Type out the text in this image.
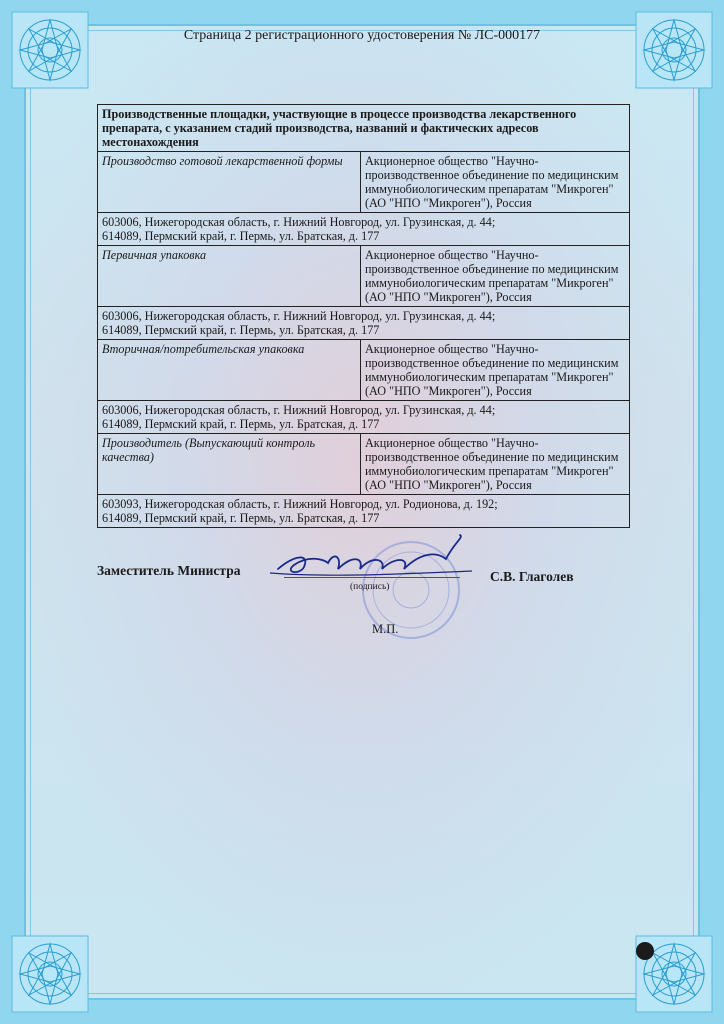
Страница 2 регистрационного удостоверения № ЛС-000177
Производственные площадки, участвующие в процессе производства лекарственного препарата, с указанием стадий производства, названий и фактических адресов местонахождения	
Производство готовой лекарственной формы	Акционерное общество "Научно-производственное объединение по медицинским иммунобиологическим препаратам "Микроген" (АО "НПО "Микроген"), Россия

603006, Нижегородская область, г. Нижний Новгород, ул. Грузинская, д. 44;
614089, Пермский край, г. Пермь, ул. Братская, д. 177	

Первичная упаковка	Акционерное общество "Научно-производственное объединение по медицинским иммунобиологическим препаратам "Микроген" (АО "НПО "Микроген"), Россия

603006, Нижегородская область, г. Нижний Новгород, ул. Грузинская, д. 44;
614089, Пермский край, г. Пермь, ул. Братская, д. 177	

Вторичная/потребительская упаковка	Акционерное общество "Научно-производственное объединение по медицинским иммунобиологическим препаратам "Микроген" (АО "НПО "Микроген"), Россия

603006, Нижегородская область, г. Нижний Новгород, ул. Грузинская, д. 44;
614089, Пермский край, г. Пермь, ул. Братская, д. 177	

Производитель (Выпускающий контроль качества)	Акционерное общество "Научно-производственное объединение по медицинским иммунобиологическим препаратам "Микроген" (АО "НПО "Микроген"), Россия

603093, Нижегородская область, г. Нижний Новгород, ул. Родионова, д. 192;
614089, Пермский край, г. Пермь, ул. Братская, д. 177	
Заместитель Министра	С.В. Глаголев
(подпись)
М.П.
